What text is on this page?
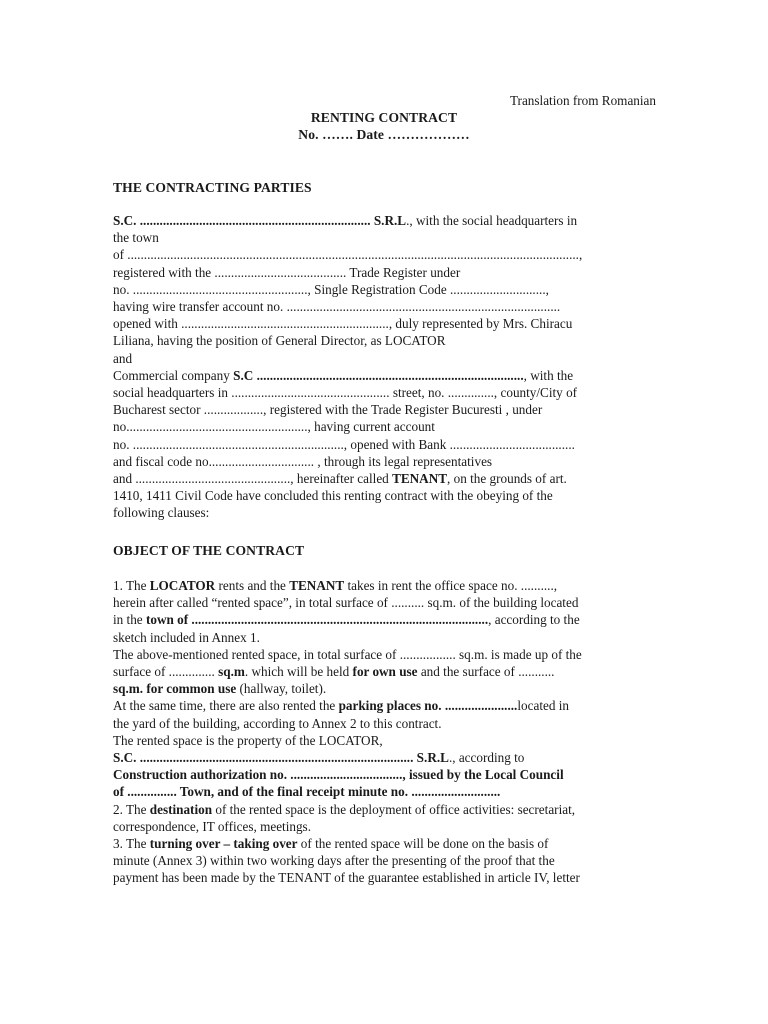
Translation from Romanian
RENTING CONTRACT
No. ……. Date ………………
THE CONTRACTING PARTIES
S.C. ...................................................................... S.R.L., with the social headquarters in
the town
of .........................................................................................................................................,
registered with the ........................................ Trade Register under
no. ....................................................., Single Registration Code .............................,
having wire transfer account no. ...................................................................................
opened with ..............................................................., duly represented by Mrs. Chiracu
Liliana, having the position of General Director, as LOCATOR
and
Commercial company S.C ................................................................................., with the
social headquarters in ................................................ street, no. .............., county/City of
Bucharest sector .................., registered with the Trade Register Bucuresti , under
no......................................................., having current account
no. ................................................................, opened with Bank ......................................
and fiscal code no................................ , through its legal representatives
and ..............................................., hereinafter called TENANT, on the grounds of art.
1410, 1411 Civil Code have concluded this renting contract with the obeying of the
following clauses:
OBJECT OF THE CONTRACT
1. The LOCATOR rents and the TENANT takes in rent the office space no. ..........,
herein after called “rented space”, in total surface of .......... sq.m. of the building located
in the town of .........................................................................................., according to the
sketch included in Annex 1.
The above-mentioned rented space, in total surface of ................. sq.m. is made up of the
surface of .............. sq.m. which will be held for own use and the surface of ...........
sq.m. for common use (hallway, toilet).
At the same time, there are also rented the parking places no. ......................located in
the yard of the building, according to Annex 2 to this contract.
The rented space is the property of the LOCATOR,
S.C. ................................................................................... S.R.L., according to
Construction authorization no. .................................., issued by the Local Council
of ............... Town, and of the final receipt minute no. ...........................
2. The destination of the rented space is the deployment of office activities: secretariat,
correspondence, IT offices, meetings.
3. The turning over – taking over of the rented space will be done on the basis of
minute (Annex 3) within two working days after the presenting of the proof that the
payment has been made by the TENANT of the guarantee established in article IV, letter
